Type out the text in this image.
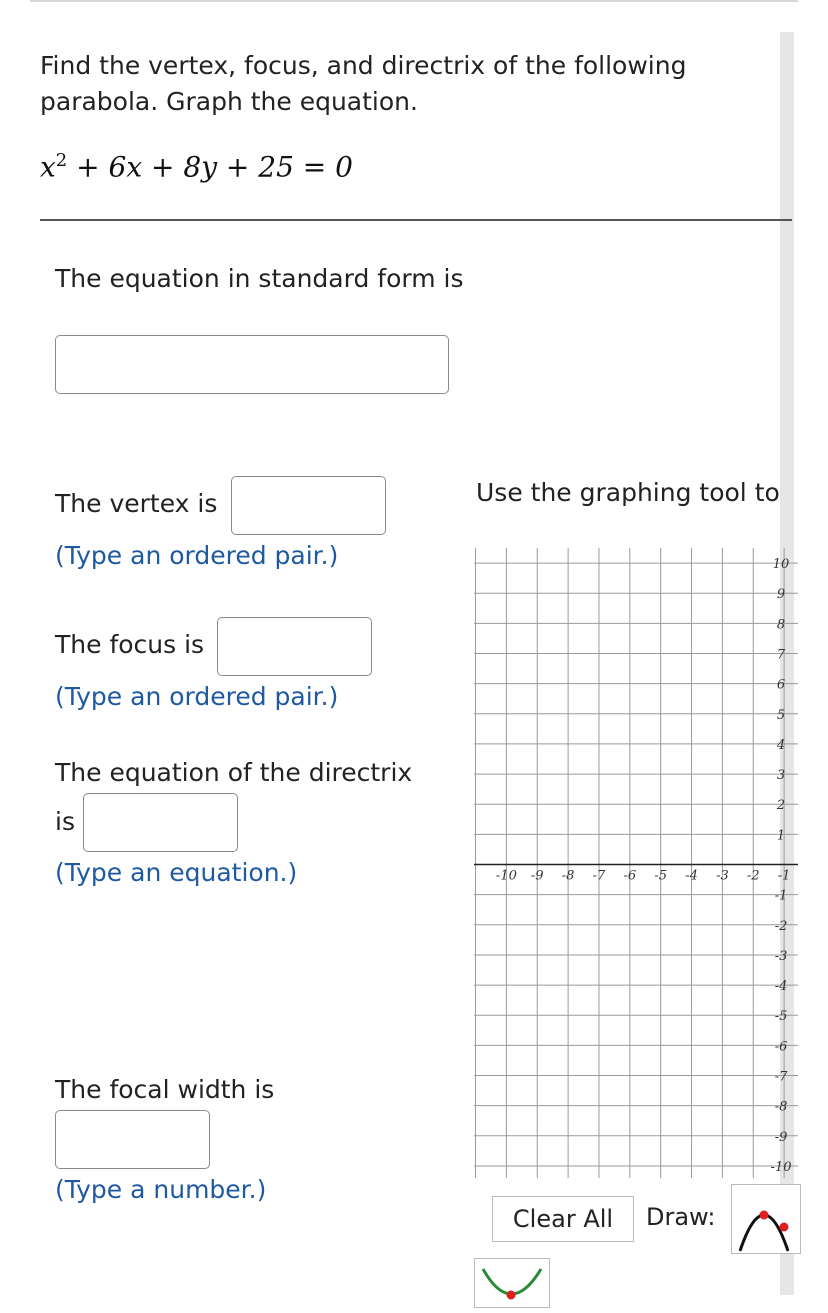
Find the vertex, focus, and directrix of the following parabola. Graph the equation.
$x^2 + 6x + 8y + 25 = 0$
The equation in standard form is
The vertex is
(Type an ordered pair.)
The focus is
(Type an ordered pair.)
The equation of the directrix
is
(Type an equation.)
The focal width is
(Type a number.)
Use the graphing tool to
-10 -9 -8 -7 -6 -5 -4 -3 -2 -1
10
9
8
7
6
5
4
3
2
1
-1
-2
-3
-4
-5
-6
-7
-8
-9
-10
Clear All	Draw:
